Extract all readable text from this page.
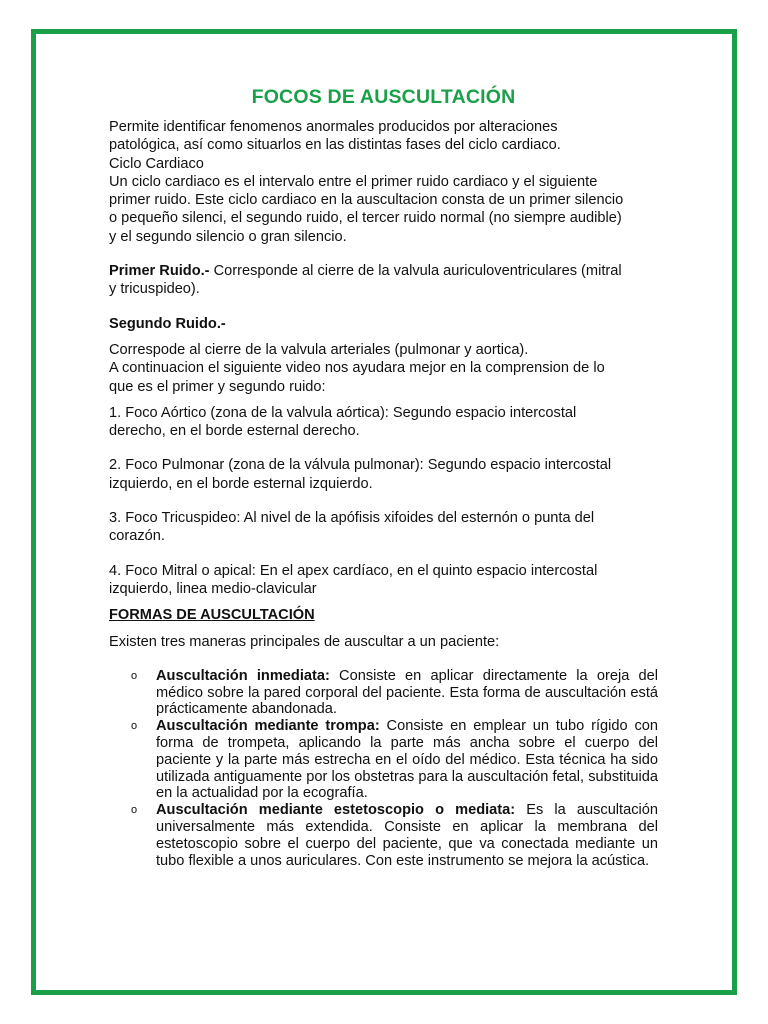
FOCOS DE AUSCULTACIÓN

Permite identificar fenomenos anormales producidos por alteraciones

patológica, así como situarlos en las distintas fases del ciclo cardiaco.

Ciclo Cardiaco

Un ciclo cardiaco es el intervalo entre el primer ruido cardiaco y el siguiente

primer ruido. Este ciclo cardiaco en la auscultacion consta de un primer silencio

o pequeño silenci, el segundo ruido, el tercer ruido normal (no siempre audible)

y el segundo silencio o gran silencio.

Primer Ruido.- Corresponde al cierre de la valvula auriculoventriculares (mitral

y tricuspideo).

Segundo Ruido.-

Correspode al cierre de la valvula arteriales (pulmonar y aortica).

A continuacion el siguiente video nos ayudara mejor en la comprension de lo

que es el primer y segundo ruido:

1. Foco Aórtico (zona de la valvula aórtica): Segundo espacio intercostal

derecho, en el borde esternal derecho.

2. Foco Pulmonar (zona de la válvula pulmonar): Segundo espacio intercostal

izquierdo, en el borde esternal izquierdo.

3. Foco Tricuspideo: Al nivel de la apófisis xifoides del esternón o punta del

corazón.

4. Foco Mitral o apical: En el apex cardíaco, en el quinto espacio intercostal

izquierdo, linea medio-clavicular

FORMAS DE AUSCULTACIÓN

Existen tres maneras principales de auscultar a un paciente:

o Auscultación inmediata: Consiste en aplicar directamente la oreja del médico sobre la pared corporal del paciente. Esta forma de auscultación está prácticamente abandonada.
o Auscultación mediante trompa: Consiste en emplear un tubo rígido con forma de trompeta, aplicando la parte más ancha sobre el cuerpo del paciente y la parte más estrecha en el oído del médico. Esta técnica ha sido utilizada antiguamente por los obstetras para la auscultación fetal, substituida en la actualidad por la ecografía.
o Auscultación mediante estetoscopio o mediata: Es la auscultación universalmente más extendida. Consiste en aplicar la membrana del estetoscopio sobre el cuerpo del paciente, que va conectada mediante un tubo flexible a unos auriculares. Con este instrumento se mejora la acústica.
